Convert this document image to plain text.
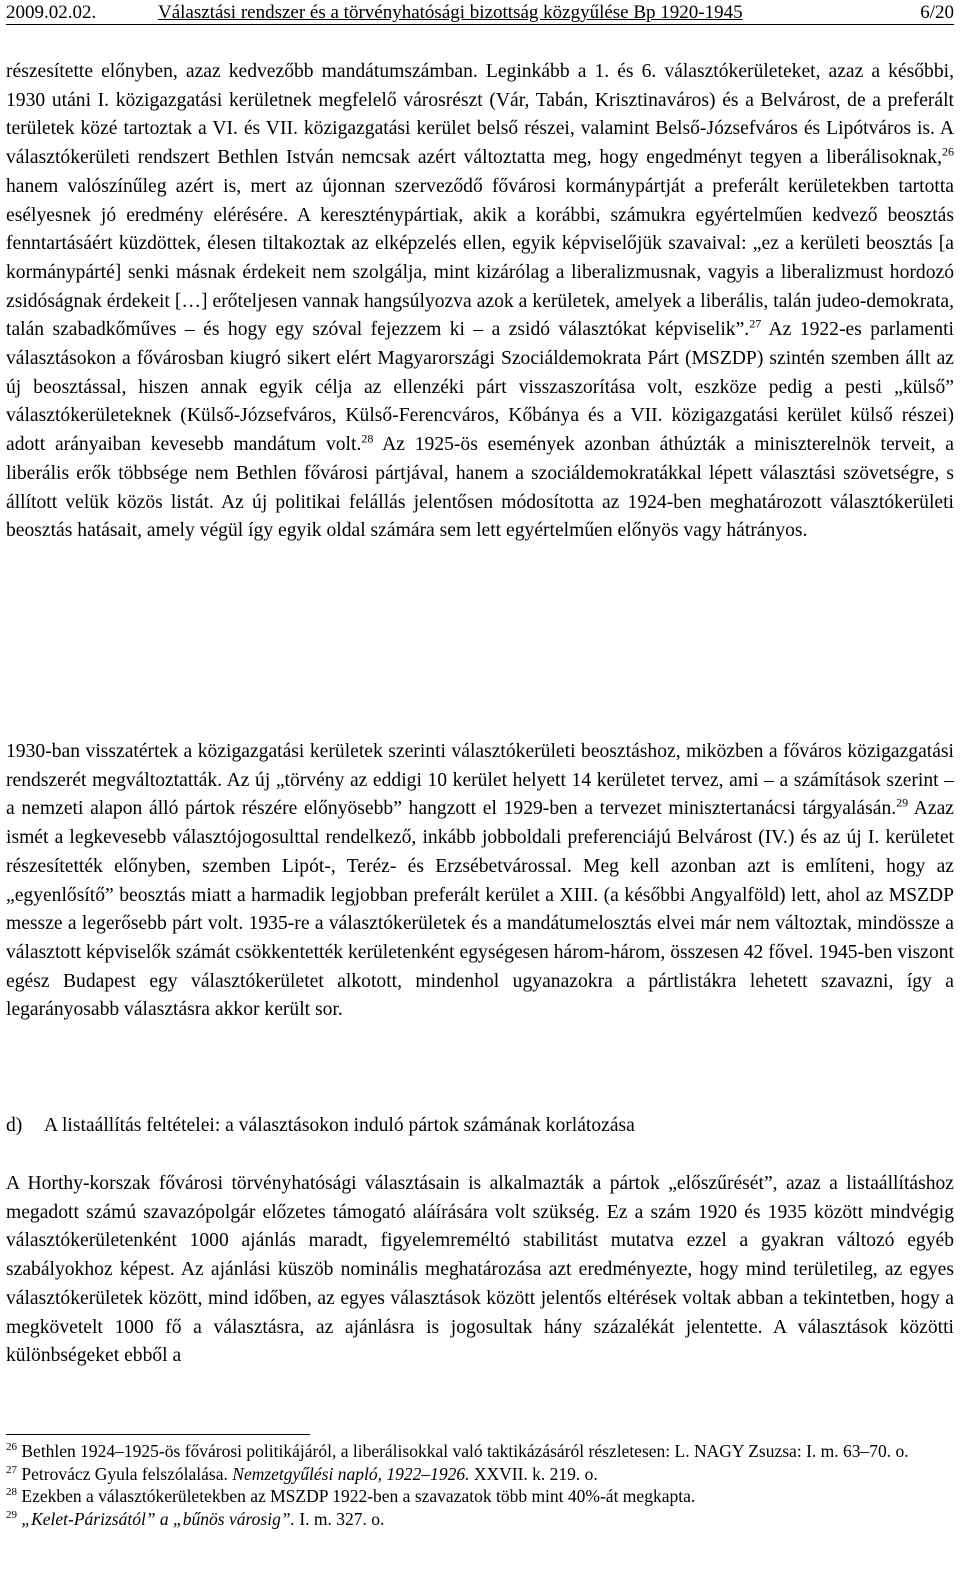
2009.02.02.	Választási rendszer és a törvényhatósági bizottság közgyűlése Bp 1920-1945	6/20

részesítette előnyben, azaz kedvezőbb mandátumszámban. Leginkább a 1. és 6. választókerületeket, azaz a későbbi, 1930 utáni I. közigazgatási kerületnek megfelelő városrészt (Vár, Tabán, Krisztinaváros) és a Belvárost, de a preferált területek közé tartoztak a VI. és VII. közigazgatási kerület belső részei, valamint Belső-Józsefváros és Lipótváros is. A választókerületi rendszert Bethlen István nemcsak azért változtatta meg, hogy engedményt tegyen a liberálisoknak,$^{26}$ hanem valószínűleg azért is, mert az újonnan szerveződő fővárosi kormánypártját a preferált kerületekben tartotta esélyesnek jó eredmény elérésére. A kereszténypártiak, akik a korábbi, számukra egyértelműen kedvező beosztás fenntartásáért küzdöttek, élesen tiltakoztak az elképzelés ellen, egyik képviselőjük szavaival: „ez a kerületi beosztás [a kormánypárté] senki másnak érdekeit nem szolgálja, mint kizárólag a liberalizmusnak, vagyis a liberalizmust hordozó zsidóságnak érdekeit […] erőteljesen vannak hangsúlyozva azok a kerületek, amelyek a liberális, talán judeo-demokrata, talán szabadkőműves – és hogy egy szóval fejezzem ki – a zsidó választókat képviselik”.$^{27}$ Az 1922-es parlamenti választásokon a fővárosban kiugró sikert elért Magyarországi Szociáldemokrata Párt (MSZDP) szintén szemben állt az új beosztással, hiszen annak egyik célja az ellenzéki párt visszaszorítása volt, eszköze pedig a pesti „külső” választókerületeknek (Külső-Józsefváros, Külső-Ferencváros, Kőbánya és a VII. közigazgatási kerület külső részei) adott arányaiban kevesebb mandátum volt.$^{28}$ Az 1925-ös események azonban áthúzták a miniszterelnök terveit, a liberális erők többsége nem Bethlen fővárosi pártjával, hanem a szociáldemokratákkal lépett választási szövetségre, s állított velük közös listát. Az új politikai felállás jelentősen módosította az 1924-ben meghatározott választókerületi beosztás hatásait, amely végül így egyik oldal számára sem lett egyértelműen előnyös vagy hátrányos.

1930-ban visszatértek a közigazgatási kerületek szerinti választókerületi beosztáshoz, miközben a főváros közigazgatási rendszerét megváltoztatták. Az új „törvény az eddigi 10 kerület helyett 14 kerületet tervez, ami – a számítások szerint – a nemzeti alapon álló pártok részére előnyösebb” hangzott el 1929-ben a tervezet minisztertanácsi tárgyalásán.$^{29}$ Azaz ismét a legkevesebb választójogosulttal rendelkező, inkább jobboldali preferenciájú Belvárost (IV.) és az új I. kerületet részesítették előnyben, szemben Lipót-, Teréz- és Erzsébetvárossal. Meg kell azonban azt is említeni, hogy az „egyenlősítő” beosztás miatt a harmadik legjobban preferált kerület a XIII. (a későbbi Angyalföld) lett, ahol az MSZDP messze a legerősebb párt volt. 1935-re a választókerületek és a mandátumelosztás elvei már nem változtak, mindössze a választott képviselők számát csökkentették kerületenként egységesen három-három, összesen 42 fővel. 1945-ben viszont egész Budapest egy választókerületet alkotott, mindenhol ugyanazokra a pártlistákra lehetett szavazni, így a legarányosabb választásra akkor került sor.

d) A listaállítás feltételei: a választásokon induló pártok számának korlátozása

A Horthy-korszak fővárosi törvényhatósági választásain is alkalmazták a pártok „előszűrését”, azaz a listaállításhoz megadott számú szavazópolgár előzetes támogató aláírására volt szükség. Ez a szám 1920 és 1935 között mindvégig választókerületenként 1000 ajánlás maradt, figyelemreméltó stabilitást mutatva ezzel a gyakran változó egyéb szabályokhoz képest. Az ajánlási küszöb nominális meghatározása azt eredményezte, hogy mind területileg, az egyes választókerületek között, mind időben, az egyes választások között jelentős eltérések voltak abban a tekintetben, hogy a megkövetelt 1000 fő a választásra, az ajánlásra is jogosultak hány százalékát jelentette. A választások közötti különbségeket ebből a

$^{26}$ Bethlen 1924–1925-ös fővárosi politikájáról, a liberálisokkal való taktikázásáról részletesen: L. NAGY Zsuzsa: I. m. 63–70. o.

$^{27}$ Petrovácz Gyula felszólalása. Nemzetgyűlési napló, 1922–1926. XXVII. k. 219. o.

$^{28}$ Ezekben a választókerületekben az MSZDP 1922-ben a szavazatok több mint 40%-át megkapta.

$^{29}$ „Kelet-Párizsától” a „bűnös városig”. I. m. 327. o.
